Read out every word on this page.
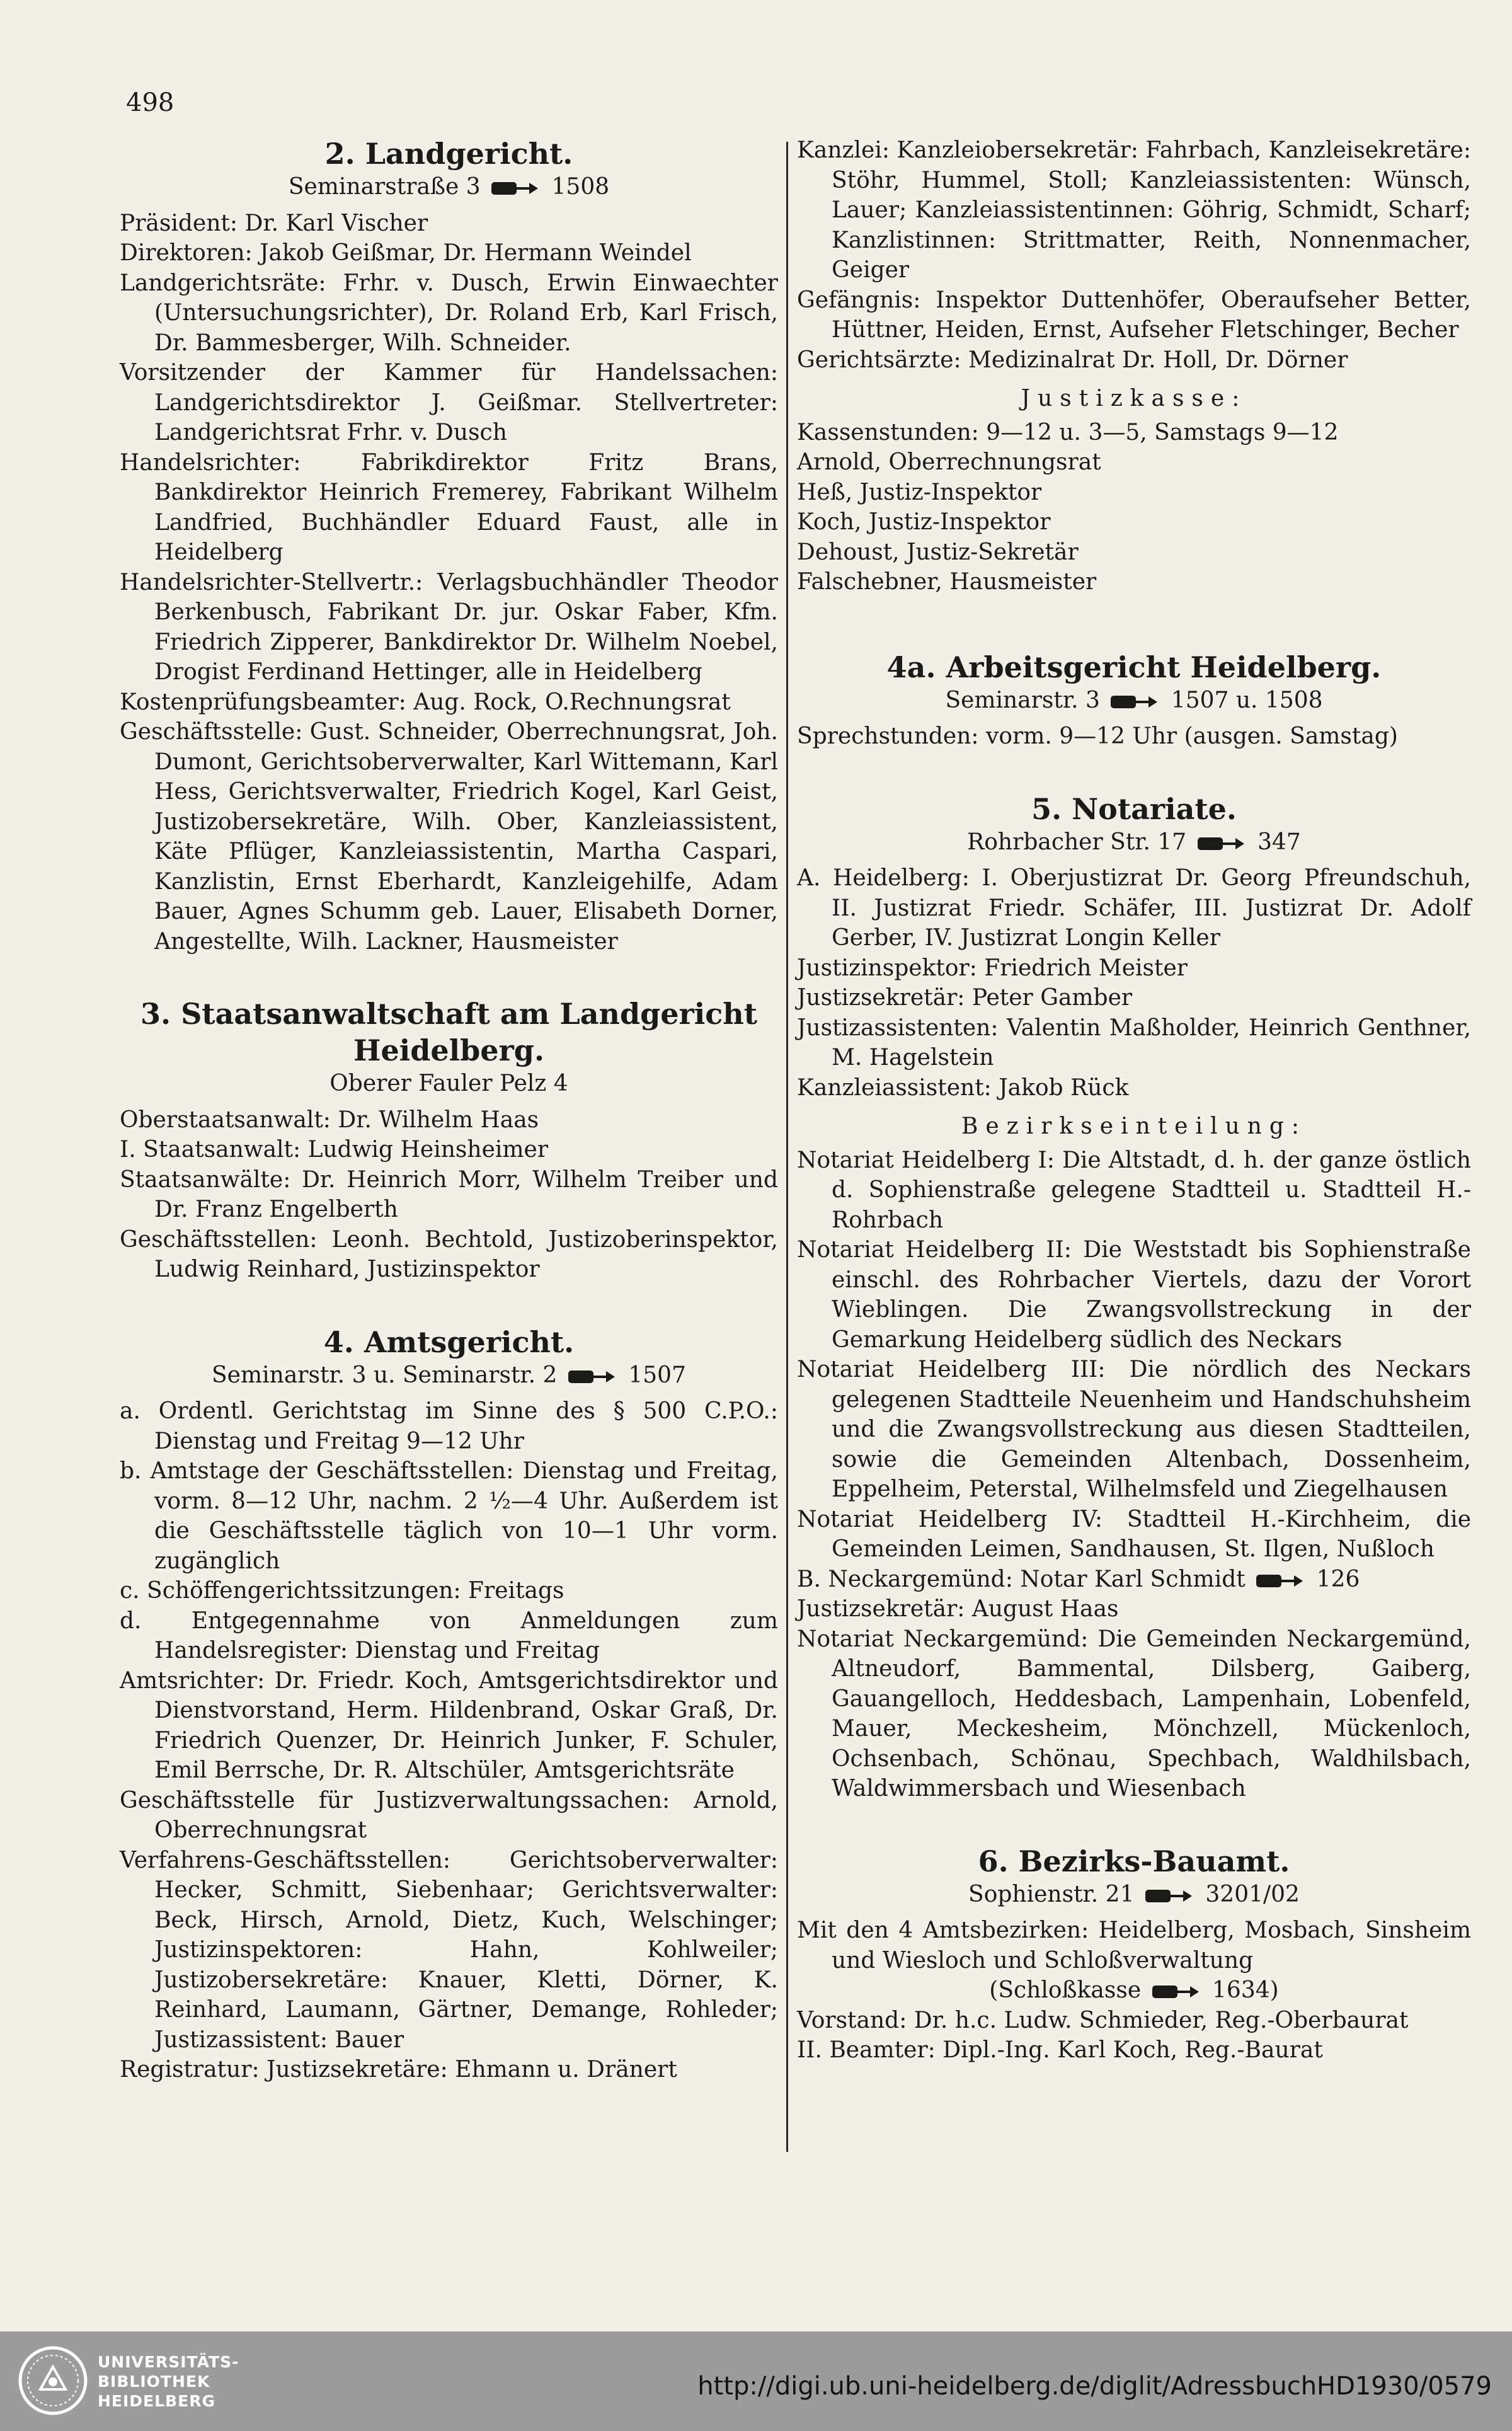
498

2. Landgericht.

Seminarstraße 3	1508

Präsident: Dr. Karl Vischer

Direktoren: Jakob Geißmar, Dr. Hermann Weindel

Landgerichtsräte: Frhr. v. Dusch, Erwin Einwaechter (Untersuchungsrichter), Dr. Roland Erb, Karl Frisch, Dr. Bammesberger, Wilh. Schneider.

Vorsitzender der Kammer für Handelssachen: Landgerichtsdirektor J. Geißmar. Stellvertreter: Landgerichtsrat Frhr. v. Dusch

Handelsrichter: Fabrikdirektor Fritz Brans, Bankdirektor Heinrich Fremerey, Fabrikant Wilhelm Landfried, Buchhändler Eduard Faust, alle in Heidelberg

Handelsrichter-Stellvertr.: Verlagsbuchhändler Theodor Berkenbusch, Fabrikant Dr. jur. Oskar Faber, Kfm. Friedrich Zipperer, Bankdirektor Dr. Wilhelm Noebel, Drogist Ferdinand Hettinger, alle in Heidelberg

Kostenprüfungsbeamter: Aug. Rock, O.Rechnungsrat

Geschäftsstelle: Gust. Schneider, Oberrechnungsrat, Joh. Dumont, Gerichtsoberverwalter, Karl Wittemann, Karl Hess, Gerichtsverwalter, Friedrich Kogel, Karl Geist, Justizobersekretäre, Wilh. Ober, Kanzleiassistent, Käte Pflüger, Kanzleiassistentin, Martha Caspari, Kanzlistin, Ernst Eberhardt, Kanzleigehilfe, Adam Bauer, Agnes Schumm geb. Lauer, Elisabeth Dorner, Angestellte, Wilh. Lackner, Hausmeister

3. Staatsanwaltschaft am Landgericht

Heidelberg.

Oberer Fauler Pelz 4

Oberstaatsanwalt: Dr. Wilhelm Haas

I. Staatsanwalt: Ludwig Heinsheimer

Staatsanwälte: Dr. Heinrich Morr, Wilhelm Treiber und Dr. Franz Engelberth

Geschäftsstellen: Leonh. Bechtold, Justizoberinspektor, Ludwig Reinhard, Justizinspektor

4. Amtsgericht.

Seminarstr. 3 u. Seminarstr. 2	1507

a. Ordentl. Gerichtstag im Sinne des § 500 C.P.O.: Dienstag und Freitag 9—12 Uhr

b. Amtstage der Geschäftsstellen: Dienstag und Freitag, vorm. 8—12 Uhr, nachm. 2 ½—4 Uhr. Außerdem ist die Geschäftsstelle täglich von 10—1 Uhr vorm. zugänglich

c. Schöffengerichtssitzungen: Freitags

d. Entgegennahme von Anmeldungen zum Handelsregister: Dienstag und Freitag

Amtsrichter: Dr. Friedr. Koch, Amtsgerichtsdirektor und Dienstvorstand, Herm. Hildenbrand, Oskar Graß, Dr. Friedrich Quenzer, Dr. Heinrich Junker, F. Schuler, Emil Berrsche, Dr. R. Altschüler, Amtsgerichtsräte

Geschäftsstelle für Justizverwaltungssachen: Arnold, Oberrechnungsrat

Verfahrens-Geschäftsstellen: Gerichtsoberverwalter: Hecker, Schmitt, Siebenhaar; Gerichtsverwalter: Beck, Hirsch, Arnold, Dietz, Kuch, Welschinger; Justizinspektoren: Hahn, Kohlweiler; Justizobersekretäre: Knauer, Kletti, Dörner, K. Reinhard, Laumann, Gärtner, Demange, Rohleder; Justizassistent: Bauer

Registratur: Justizsekretäre: Ehmann u. Dränert

Kanzlei: Kanzleiobersekretär: Fahrbach, Kanzleisekretäre: Stöhr, Hummel, Stoll; Kanzleiassistenten: Wünsch, Lauer; Kanzleiassistentinnen: Göhrig, Schmidt, Scharf; Kanzlistinnen: Strittmatter, Reith, Nonnenmacher, Geiger

Gefängnis: Inspektor Duttenhöfer, Oberaufseher Better, Hüttner, Heiden, Ernst, Aufseher Fletschinger, Becher

Gerichtsärzte: Medizinalrat Dr. Holl, Dr. Dörner

Justizkasse:

Kassenstunden: 9—12 u. 3—5, Samstags 9—12

Arnold, Oberrechnungsrat

Heß, Justiz-Inspektor

Koch, Justiz-Inspektor

Dehoust, Justiz-Sekretär

Falschebner, Hausmeister

4a. Arbeitsgericht Heidelberg.

Seminarstr. 3	1507 u. 1508

Sprechstunden: vorm. 9—12 Uhr (ausgen. Samstag)

5. Notariate.

Rohrbacher Str. 17	347

A. Heidelberg: I. Oberjustizrat Dr. Georg Pfreundschuh, II. Justizrat Friedr. Schäfer, III. Justizrat Dr. Adolf Gerber, IV. Justizrat Longin Keller

Justizinspektor: Friedrich Meister

Justizsekretär: Peter Gamber

Justizassistenten: Valentin Maßholder, Heinrich Genthner, M. Hagelstein

Kanzleiassistent: Jakob Rück

Bezirkseinteilung:

Notariat Heidelberg I: Die Altstadt, d. h. der ganze östlich d. Sophienstraße gelegene Stadtteil u. Stadtteil H.-Rohrbach

Notariat Heidelberg II: Die Weststadt bis Sophienstraße einschl. des Rohrbacher Viertels, dazu der Vorort Wieblingen. Die Zwangsvollstreckung in der Gemarkung Heidelberg südlich des Neckars

Notariat Heidelberg III: Die nördlich des Neckars gelegenen Stadtteile Neuenheim und Handschuhsheim und die Zwangsvollstreckung aus diesen Stadtteilen, sowie die Gemeinden Altenbach, Dossenheim, Eppelheim, Peterstal, Wilhelmsfeld und Ziegelhausen

Notariat Heidelberg IV: Stadtteil H.-Kirchheim, die Gemeinden Leimen, Sandhausen, St. Ilgen, Nußloch

B. Neckargemünd: Notar Karl Schmidt	126

Justizsekretär: August Haas

Notariat Neckargemünd: Die Gemeinden Neckargemünd, Altneudorf, Bammental, Dilsberg, Gaiberg, Gauangelloch, Heddesbach, Lampenhain, Lobenfeld, Mauer, Meckesheim, Mönchzell, Mückenloch, Ochsenbach, Schönau, Spechbach, Waldhilsbach, Waldwimmersbach und Wiesenbach

6. Bezirks-Bauamt.

Sophienstr. 21	3201/02

Mit den 4 Amtsbezirken: Heidelberg, Mosbach, Sinsheim und Wiesloch und Schloßverwaltung

(Schloßkasse	1634)

Vorstand: Dr. h.c. Ludw. Schmieder, Reg.-Oberbaurat

II. Beamter: Dipl.-Ing. Karl Koch, Reg.-Baurat

UNIVERSITÄTS-
BIBLIOTHEK
HEIDELBERG
http://digi.ub.uni-heidelberg.de/diglit/AdressbuchHD1930/0579
